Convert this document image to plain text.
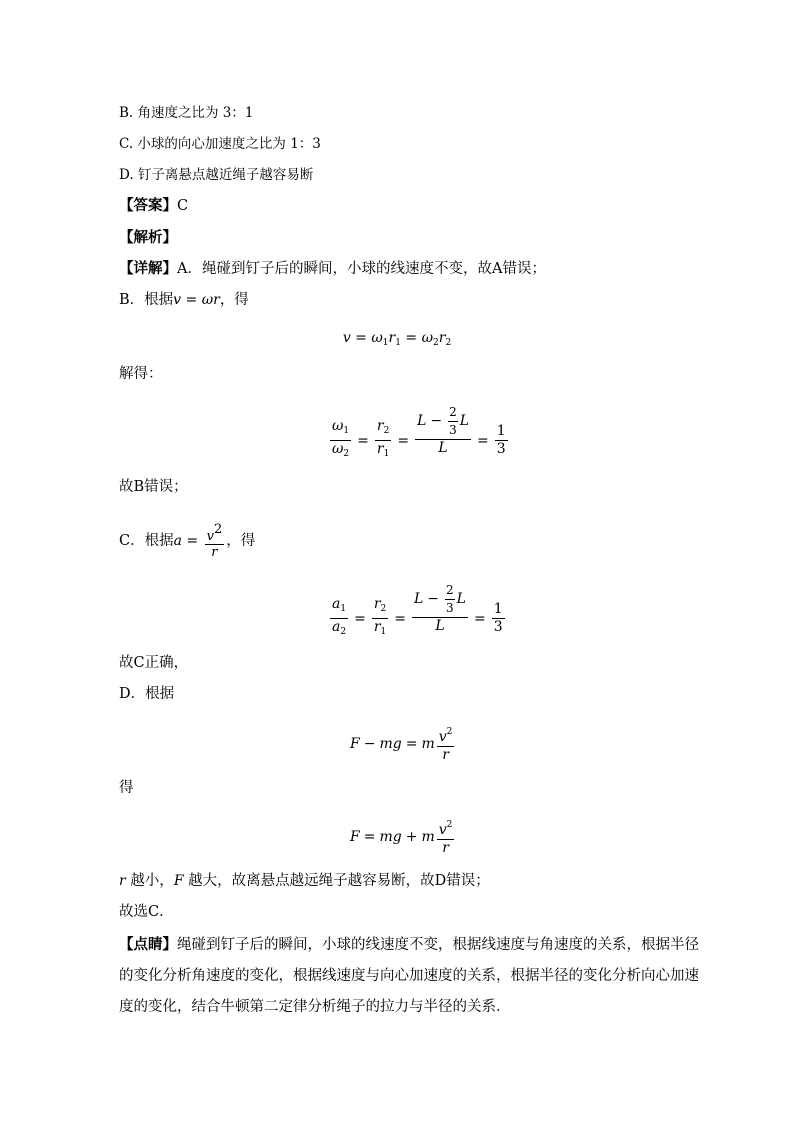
B. 角速度之比为 3：1
C. 小球的向心加速度之比为 1：3
D. 钉子离悬点越近绳子越容易断
【答案】C
【解析】
【详解】A．绳碰到钉子后的瞬间，小球的线速度不变，故A错误；
B．根据v = ωr，得
$v = \omega_1r_1 = \omega_2r_2$
解得：
$\frac{\omega_1}{\omega_2} = \frac{r_2}{r_1} = \frac{L - \frac{2}{3} L}{L} = \frac{1}{3}$
故B错误；
C．根据$a = \frac{v2}{r}$ ，得
$\frac{a_1}{a_2} = \frac{r_2}{r_1} = \frac{L - \frac{2}{3} L}{L} = \frac{1}{3}$
故C正确，
D．根据
F − mg = m $\frac{v^2}{r}$
得
F = mg + m $\frac{v^2}{r}$
r 越小，F 越大，故离悬点越远绳子越容易断，故D错误；
故选C．
【点睛】绳碰到钉子后的瞬间，小球的线速度不变，根据线速度与角速度的关系，根据半径
的变化分析角速度的变化，根据线速度与向心加速度的关系，根据半径的变化分析向心加速
度的变化，结合牛顿第二定律分析绳子的拉力与半径的关系．
